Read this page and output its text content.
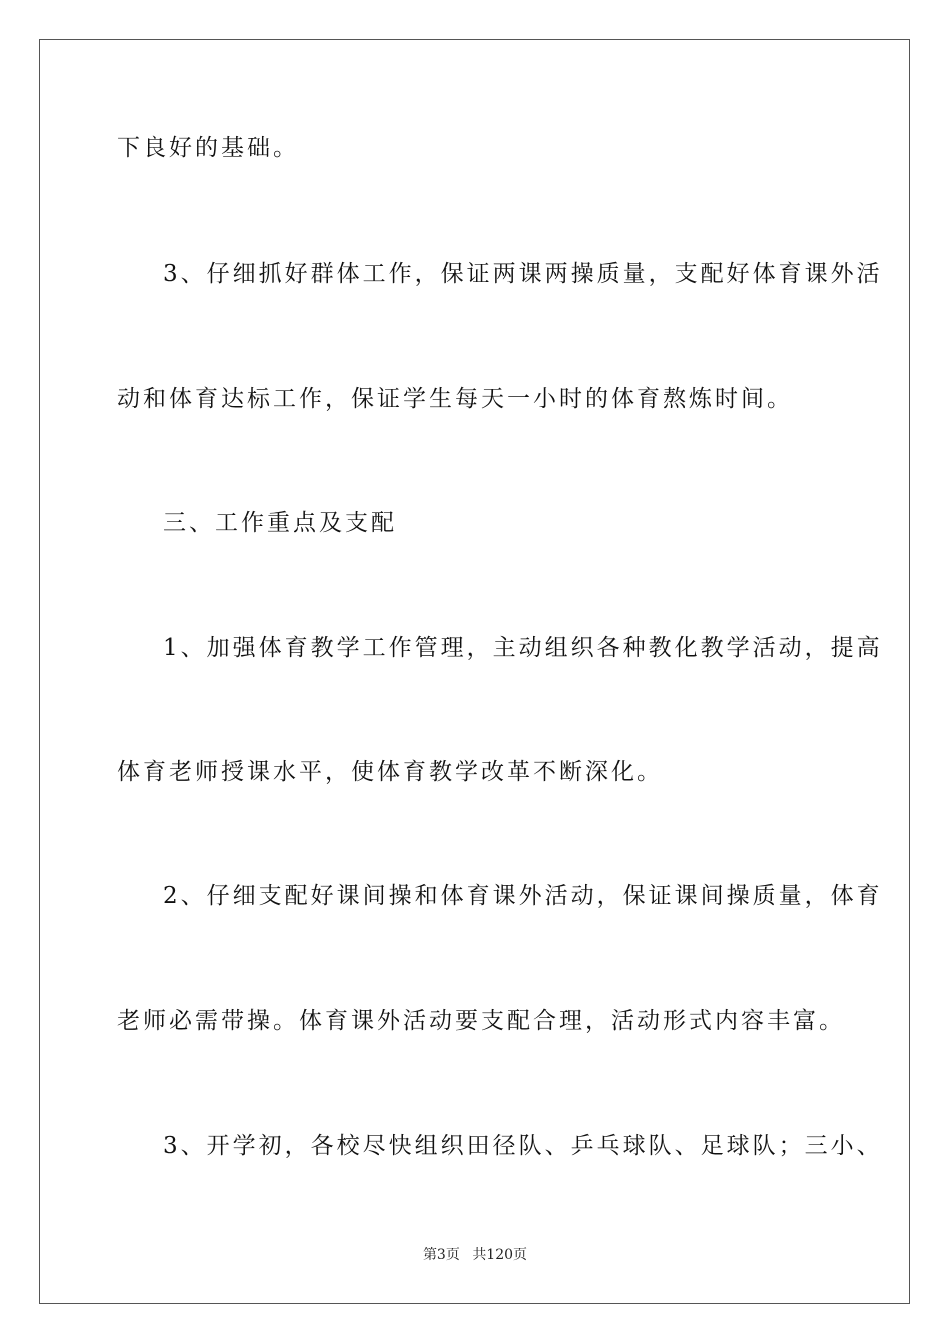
下良好的基础。
3、仔细抓好群体工作，保证两课两操质量，支配好体育课外活
动和体育达标工作，保证学生每天一小时的体育熬炼时间。
三、工作重点及支配
1、加强体育教学工作管理，主动组织各种教化教学活动，提高
体育老师授课水平，使体育教学改革不断深化。
2、仔细支配好课间操和体育课外活动，保证课间操质量，体育
老师必需带操。体育课外活动要支配合理，活动形式内容丰富。
3、开学初，各校尽快组织田径队、乒乓球队、足球队；三小、
第3页 共120页
